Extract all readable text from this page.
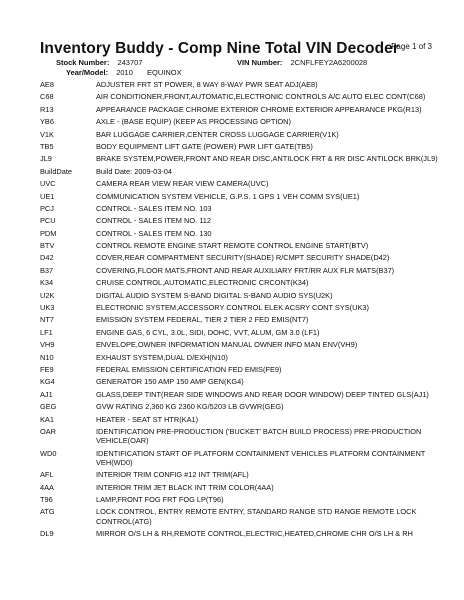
Inventory Buddy - Comp Nine Total VIN Decoder
Page 1 of 3
Stock Number: 243707	VIN Number: 2CNFLFEY2A6200028
Year/Model: 2010 EQUINOX
AE8	ADJUSTER FRT ST POWER, 8 WAY 8-WAY PWR SEAT ADJ(AE8)
C68	AIR CONDITIONER,FRONT,AUTOMATIC,ELECTRONIC CONTROLS A/C AUTO ELEC CONT(C68)
R13	APPEARANCE PACKAGE CHROME EXTERIOR CHROME EXTERIOR APPEARANCE PKG(R13)
YB6	AXLE - (BASE EQUIP) (KEEP AS PROCESSING OPTION)
V1K	BAR LUGGAGE CARRIER,CENTER CROSS LUGGAGE CARRIER(V1K)
TB5	BODY EQUIPMENT LIFT GATE (POWER) PWR LIFT GATE(TB5)
JL9	BRAKE SYSTEM,POWER,FRONT AND REAR DISC,ANTILOCK FRT & RR DISC ANTILOCK BRK(JL9)
BuildDate	Build Date: 2009-03-04
UVC	CAMERA REAR VIEW REAR VIEW CAMERA(UVC)
UE1	COMMUNICATION SYSTEM VEHICLE, G.P.S. 1 GPS 1 VEH COMM SYS(UE1)
PCJ	CONTROL - SALES ITEM NO. 103
PCU	CONTROL - SALES ITEM NO. 112
PDM	CONTROL - SALES ITEM NO. 130
BTV	CONTROL REMOTE ENGINE START REMOTE CONTROL ENGINE START(BTV)
D42	COVER,REAR COMPARTMENT SECURITY(SHADE) R/CMPT SECURITY SHADE(D42)
B37	COVERING,FLOOR MATS,FRONT AND REAR AUXILIARY FRT/RR AUX FLR MATS(B37)
K34	CRUISE CONTROL,AUTOMATIC,ELECTRONIC CRCONT(K34)
U2K	DIGITAL AUDIO SYSTEM S-BAND DIGITAL S-BAND AUDIO SYS(U2K)
UK3	ELECTRONIC SYSTEM,ACCESSORY CONTROL ELEK ACSRY CONT SYS(UK3)
NT7	EMISSION SYSTEM FEDERAL, TIER 2 TIER 2 FED EMIS(NT7)
LF1	ENGINE GAS, 6 CYL, 3.0L, SIDI, DOHC, VVT, ALUM, GM 3.0 (LF1)
VH9	ENVELOPE,OWNER INFORMATION MANUAL OWNER INFO MAN ENV(VH9)
N10	EXHAUST SYSTEM,DUAL D/EXH(N10)
FE9	FEDERAL EMISSION CERTIFICATION FED EMIS(FE9)
KG4	GENERATOR 150 AMP 150 AMP GEN(KG4)
AJ1	GLASS,DEEP TINT(REAR SIDE WINDOWS AND REAR DOOR WINDOW) DEEP TINTED GLS(AJ1)
GEG	GVW RATING 2,360 KG 2360 KG/5203 LB GVWR(GEG)
KA1	HEATER - SEAT ST HTR(KA1)
OAR	IDENTIFICATION PRE-PRODUCTION ('BUCKET' BATCH BUILD PROCESS) PRE-PRODUCTION VEHICLE(OAR)
WD0	IDENTIFICATION START OF PLATFORM CONTAINMENT VEHICLES PLATFORM CONTAINMENT VEH(WD0)
AFL	INTERIOR TRIM CONFIG #12 INT TRIM(AFL)
4AA	INTERIOR TRIM JET BLACK INT TRIM COLOR(4AA)
T96	LAMP,FRONT FOG FRT FOG LP(T96)
ATG	LOCK CONTROL, ENTRY REMOTE ENTRY, STANDARD RANGE STD RANGE REMOTE LOCK CONTROL(ATG)
DL9	MIRROR O/S LH & RH,REMOTE CONTROL,ELECTRIC,HEATED,CHROME CHR O/S LH & RH
